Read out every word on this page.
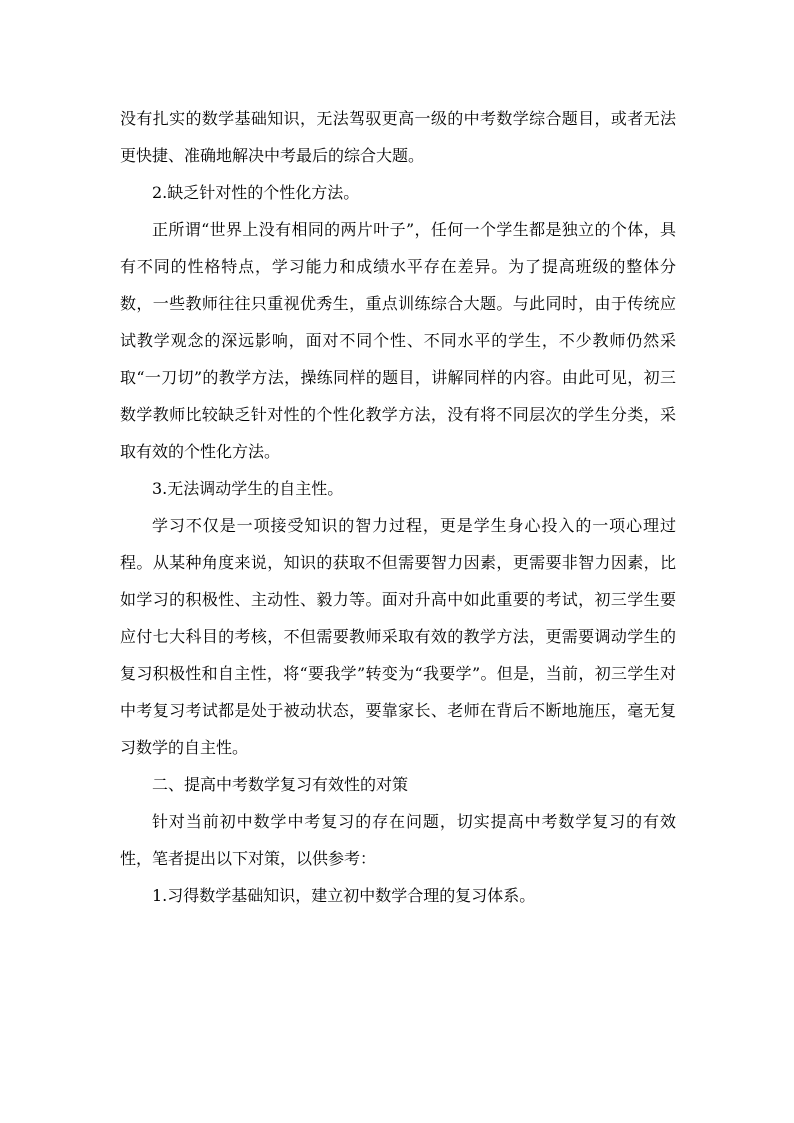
没有扎实的数学基础知识，无法驾驭更高一级的中考数学综合题目，或者无法更快捷、准确地解决中考最后的综合大题。

2.缺乏针对性的个性化方法。

正所谓“世界上没有相同的两片叶子”，任何一个学生都是独立的个体，具有不同的性格特点，学习能力和成绩水平存在差异。为了提高班级的整体分数，一些教师往往只重视优秀生，重点训练综合大题。与此同时，由于传统应试教学观念的深远影响，面对不同个性、不同水平的学生，不少教师仍然采取“一刀切”的教学方法，操练同样的题目，讲解同样的内容。由此可见，初三数学教师比较缺乏针对性的个性化教学方法，没有将不同层次的学生分类，采取有效的个性化方法。

3.无法调动学生的自主性。

学习不仅是一项接受知识的智力过程，更是学生身心投入的一项心理过程。从某种角度来说，知识的获取不但需要智力因素，更需要非智力因素，比如学习的积极性、主动性、毅力等。面对升高中如此重要的考试，初三学生要应付七大科目的考核，不但需要教师采取有效的教学方法，更需要调动学生的复习积极性和自主性，将“要我学”转变为“我要学”。但是，当前，初三学生对中考复习考试都是处于被动状态，要靠家长、老师在背后不断地施压，毫无复习数学的自主性。

二、提高中考数学复习有效性的对策

针对当前初中数学中考复习的存在问题，切实提高中考数学复习的有效性，笔者提出以下对策，以供参考：

1.习得数学基础知识，建立初中数学合理的复习体系。
